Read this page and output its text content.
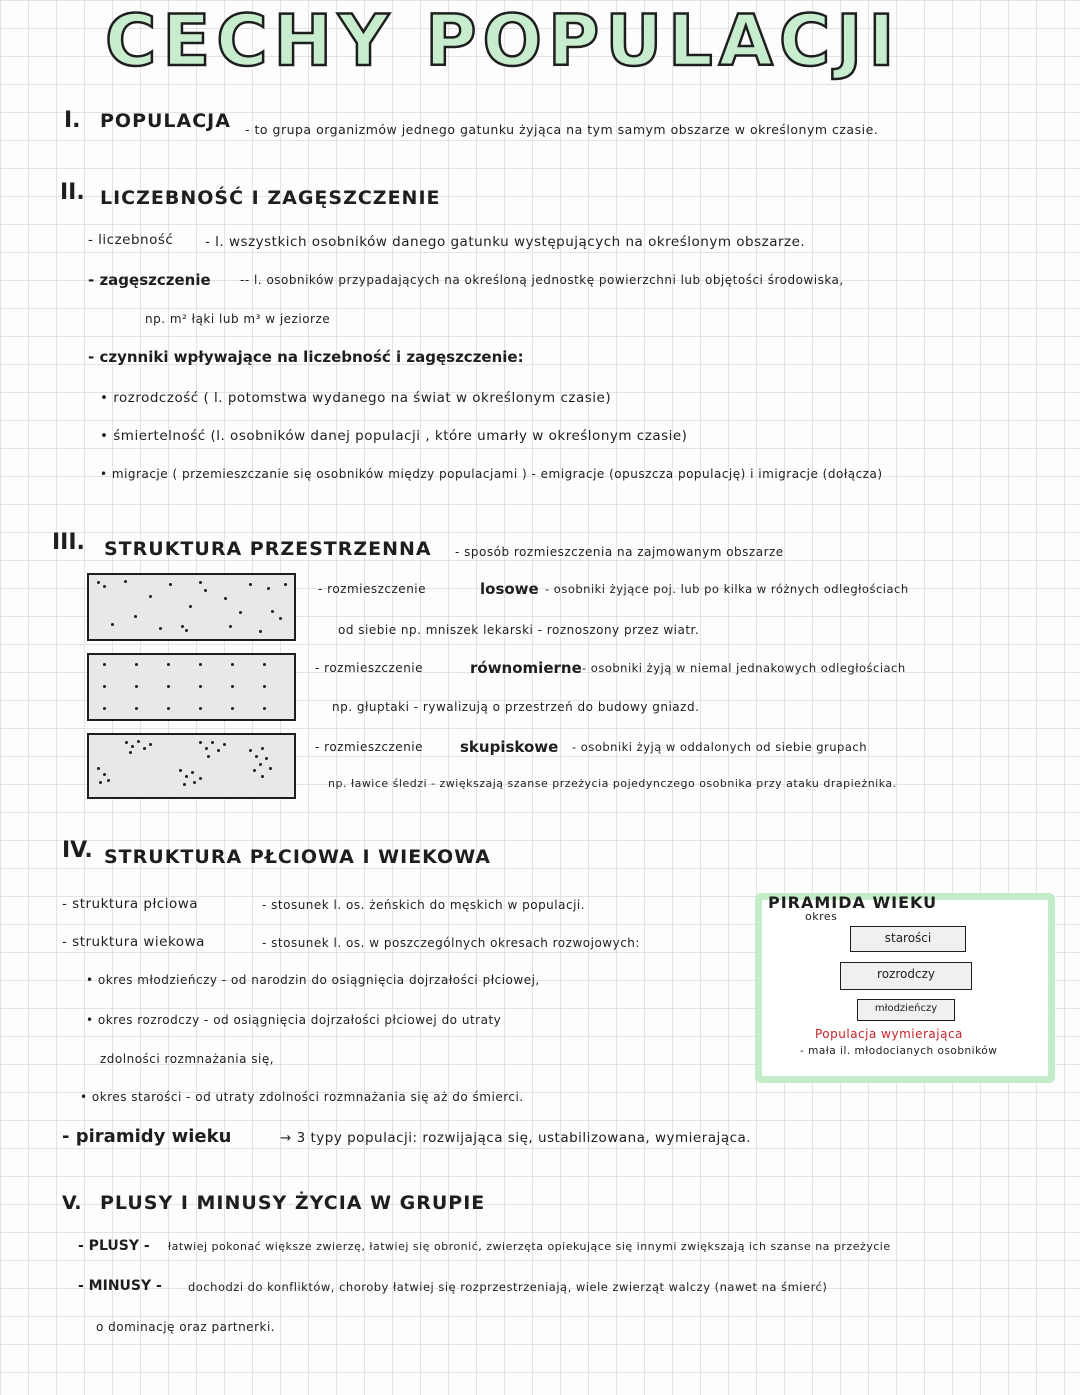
CECHY POPULACJI
I. POPULACJA - to grupa organizmów jednego gatunku żyjąca na tym samym obszarze w określonym czasie.
II. LICZEBNOŚĆ I ZAGĘSZCZENIE
- liczebność - l. wszystkich osobników danego gatunku występujących na określonym obszarze.
- zagęszczenie -- l. osobników przypadających na określoną jednostkę powierzchni lub objętości środowiska,
np. m² łąki lub m³ w jeziorze
- czynniki wpływające na liczebność i zagęszczenie:
• rozrodczość ( l. potomstwa wydanego na świat w określonym czasie)
• śmiertelność (l. osobników danej populacji , które umarły w określonym czasie)
• migracje ( przemieszczanie się osobników między populacjami ) - emigracje (opuszcza populację) i imigracje (dołącza)
III. STRUKTURA PRZESTRZENNA - sposób rozmieszczenia na zajmowanym obszarze
- rozmieszczenie	losowe - osobniki żyjące poj. lub po kilka w różnych odległościach
od siebie np. mniszek lekarski - roznoszony przez wiatr.
- rozmieszczenie	równomierne - osobniki żyją w niemal jednakowych odległościach
np. głuptaki - rywalizują o przestrzeń do budowy gniazd.
- rozmieszczenie skupiskowe - osobniki żyją w oddalonych od siebie grupach
np. ławice śledzi - zwiększają szanse przeżycia pojedynczego osobnika przy ataku drapieżnika.
IV. STRUKTURA PŁCIOWA I WIEKOWA
- struktura płciowa	- stosunek l. os. żeńskich do męskich w populacji.
- struktura wiekowa	- stosunek l. os. w poszczególnych okresach rozwojowych:
• okres młodzieńczy - od narodzin do osiągnięcia dojrzałości płciowej,
• okres rozrodczy - od osiągnięcia dojrzałości płciowej do utraty
zdolności rozmnażania się,
• okres starości - od utraty zdolności rozmnażania się aż do śmierci.
- piramidy wieku	→ 3 typy populacji: rozwijająca się, ustabilizowana, wymierająca.
PIRAMIDA WIEKU
okres
starości
rozrodczy
młodzieńczy
Populacja wymierająca
- mała il. młodocianych osobników
V. PLUSY I MINUSY ŻYCIA W GRUPIE
- PLUSY - łatwiej pokonać większe zwierzę, łatwiej się obronić, zwierzęta opiekujące się innymi zwiększają ich szanse na przeżycie
- MINUSY - dochodzi do konfliktów, choroby łatwiej się rozprzestrzeniają, wiele zwierząt walczy (nawet na śmierć)
o dominację oraz partnerki.
